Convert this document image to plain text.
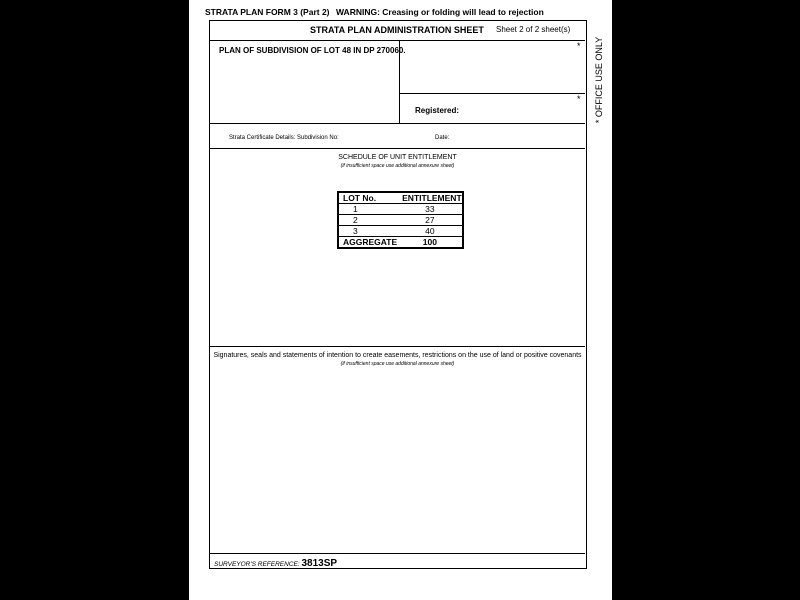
STRATA PLAN FORM 3 (Part 2) WARNING: Creasing or folding will lead to rejection
STRATA PLAN ADMINISTRATION SHEET Sheet 2 of 2 sheet(s)
PLAN OF SUBDIVISION OF LOT 48 IN DP 270060.	*
*
Registered:
Strata Certificate Details: Subdivision No:	Date:
SCHEDULE OF UNIT ENTITLEMENT
(if insufficient space use additional annexure sheet)
LOT No.	ENTITLEMENT
1	33
2	27
3	40
AGGREGATE	100
Signatures, seals and statements of intention to create easements, restrictions on the use of land or positive covenants
(if insufficient space use additional annexure sheet)
SURVEYOR'S REFERENCE: 3813SP
* OFFICE USE ONLY
